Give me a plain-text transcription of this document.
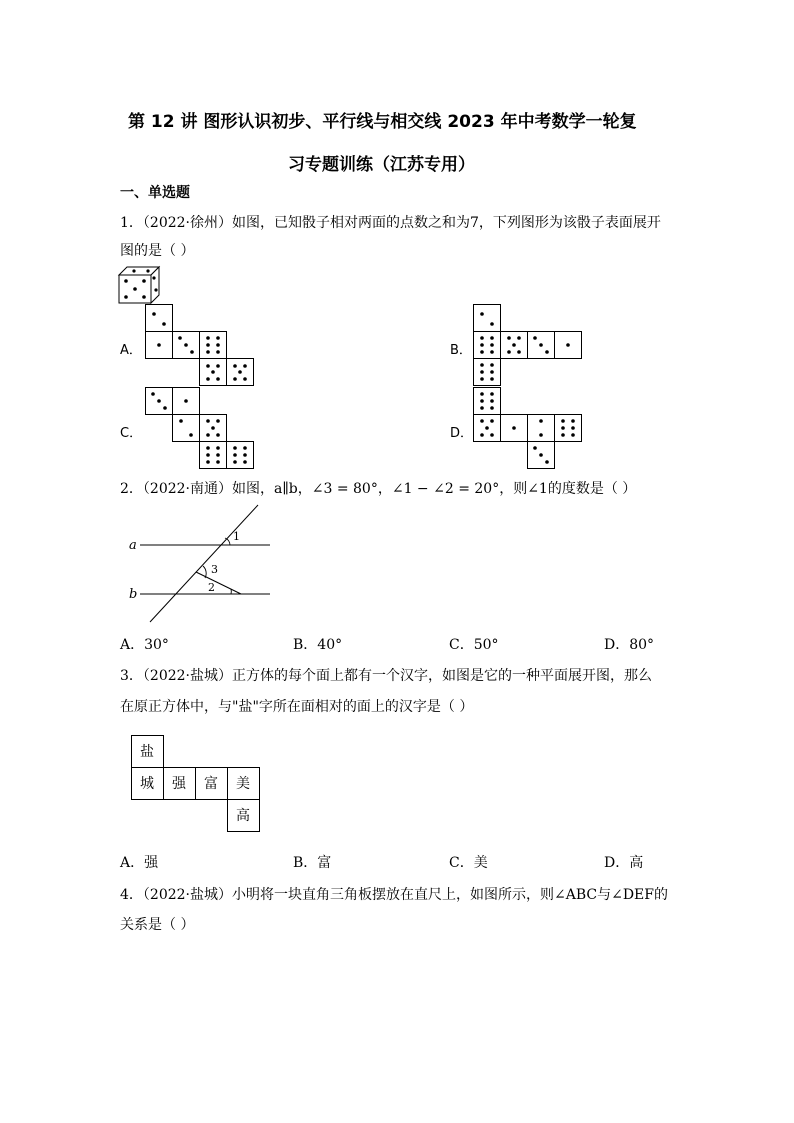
第 12 讲 图形认识初步、平行线与相交线 2023 年中考数学一轮复
习专题训练（江苏专用）
一、单选题
1．（2022·徐州）如图，已知骰子相对两面的点数之和为7，下列图形为该骰子表面展开
图的是（ ）
A．	B．
C．	D．
2．（2022·南通）如图，a∥b，∠3 = 80°，∠1 − ∠2 = 20°，则∠1的度数是（ ）
a
b
1
3
2
A．30°	B．40°	C．50°	D．80°
3．（2022·盐城）正方体的每个面上都有一个汉字，如图是它的一种平面展开图，那么
在原正方体中，与"盐"字所在面相对的面上的汉字是（ ）
盐
城 强 富 美
高
A．强	B．富	C．美	D．高
4．（2022·盐城）小明将一块直角三角板摆放在直尺上，如图所示，则∠ABC与∠DEF的
关系是（ ）
